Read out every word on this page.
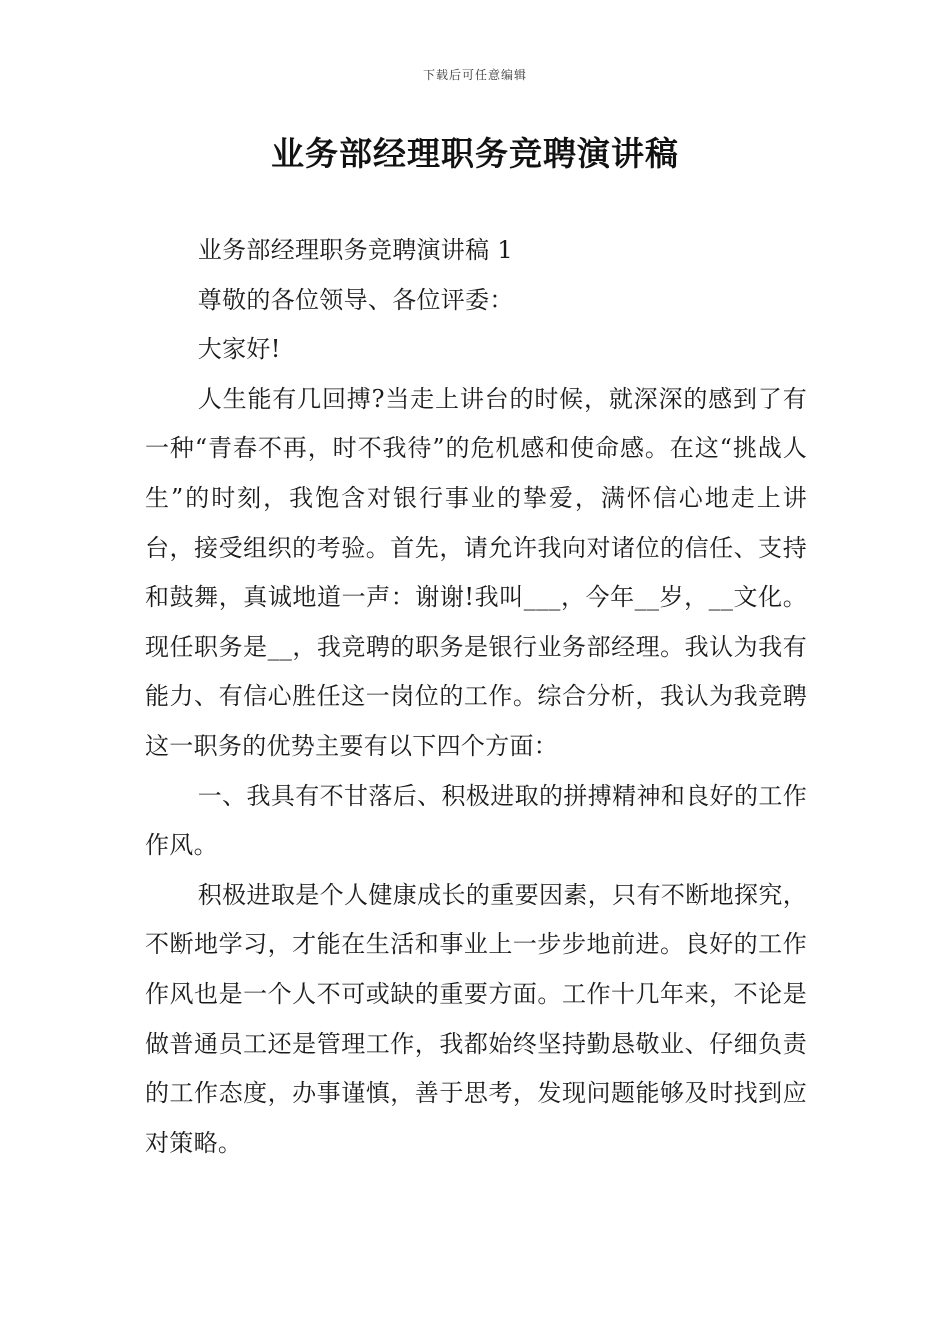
下载后可任意编辑
业务部经理职务竞聘演讲稿

业务部经理职务竞聘演讲稿 1

尊敬的各位领导、各位评委：

大家好!

人生能有几回搏?当走上讲台的时候，就深深的感到了有一种“青春不再，时不我待”的危机感和使命感。在这“挑战人生”的时刻，我饱含对银行事业的挚爱，满怀信心地走上讲台，接受组织的考验。首先，请允许我向对诸位的信任、支持和鼓舞，真诚地道一声：谢谢!我叫___，今年__岁，__文化。现任职务是__，我竞聘的职务是银行业务部经理。我认为我有能力、有信心胜任这一岗位的工作。综合分析，我认为我竞聘这一职务的优势主要有以下四个方面：

一、我具有不甘落后、积极进取的拼搏精神和良好的工作作风。

积极进取是个人健康成长的重要因素，只有不断地探究，不断地学习，才能在生活和事业上一步步地前进。良好的工作作风也是一个人不可或缺的重要方面。工作十几年来，不论是做普通员工还是管理工作，我都始终坚持勤恳敬业、仔细负责的工作态度，办事谨慎，善于思考，发现问题能够及时找到应对策略。
